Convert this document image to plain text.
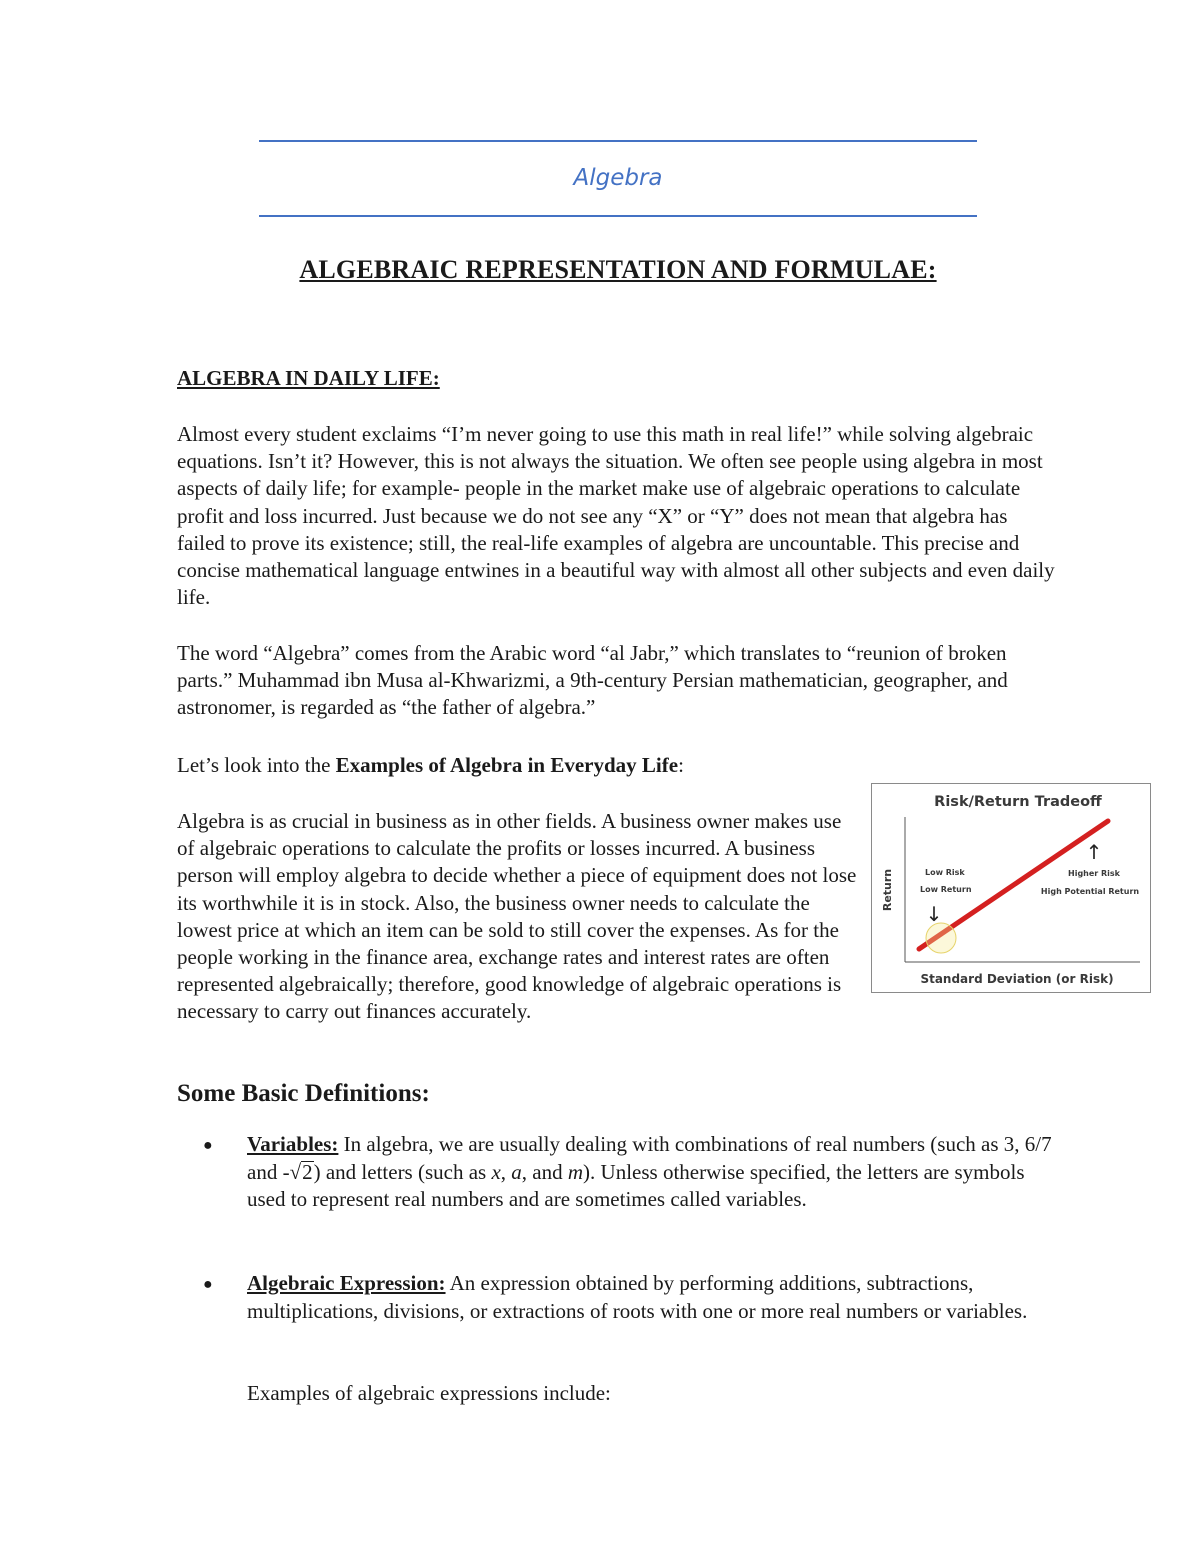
Algebra
ALGEBRAIC REPRESENTATION AND FORMULAE:
ALGEBRA IN DAILY LIFE:

Almost every student exclaims “I’m never going to use this math in real life!” while solving algebraic equations. Isn’t it? However, this is not always the situation. We often see people using algebra in most aspects of daily life; for example- people in the market make use of algebraic operations to calculate profit and loss incurred. Just because we do not see any “X” or “Y” does not mean that algebra has failed to prove its existence; still, the real-life examples of algebra are uncountable. This precise and concise mathematical language entwines in a beautiful way with almost all other subjects and even daily life.

The word “Algebra” comes from the Arabic word “al Jabr,” which translates to “reunion of broken parts.” Muhammad ibn Musa al-Khwarizmi, a 9th-century Persian mathematician, geographer, and astronomer, is regarded as “the father of algebra.”

Let’s look into the Examples of Algebra in Everyday Life:

Algebra is as crucial in business as in other fields. A business owner makes use of algebraic operations to calculate the profits or losses incurred. A business person will employ algebra to decide whether a piece of equipment does not lose its worthwhile it is in stock. Also, the business owner needs to calculate the lowest price at which an item can be sold to still cover the expenses. As for the people working in the finance area, exchange rates and interest rates are often represented algebraically; therefore, good knowledge of algebraic operations is necessary to carry out finances accurately.

Risk/Return Tradeoff
Return
Standard Deviation (or Risk)
Low Risk
Low Return
↓
↑
Higher Risk
High Potential Return
Some Basic Definitions:
● Variables: In algebra, we are usually dealing with combinations of real numbers (such as 3, 6/7 and -√2) and letters (such as x, a, and m). Unless otherwise specified, the letters are symbols used to represent real numbers and are sometimes called variables.

● Algebraic Expression: An expression obtained by performing additions, subtractions, multiplications, divisions, or extractions of roots with one or more real numbers or variables.

Examples of algebraic expressions include:
